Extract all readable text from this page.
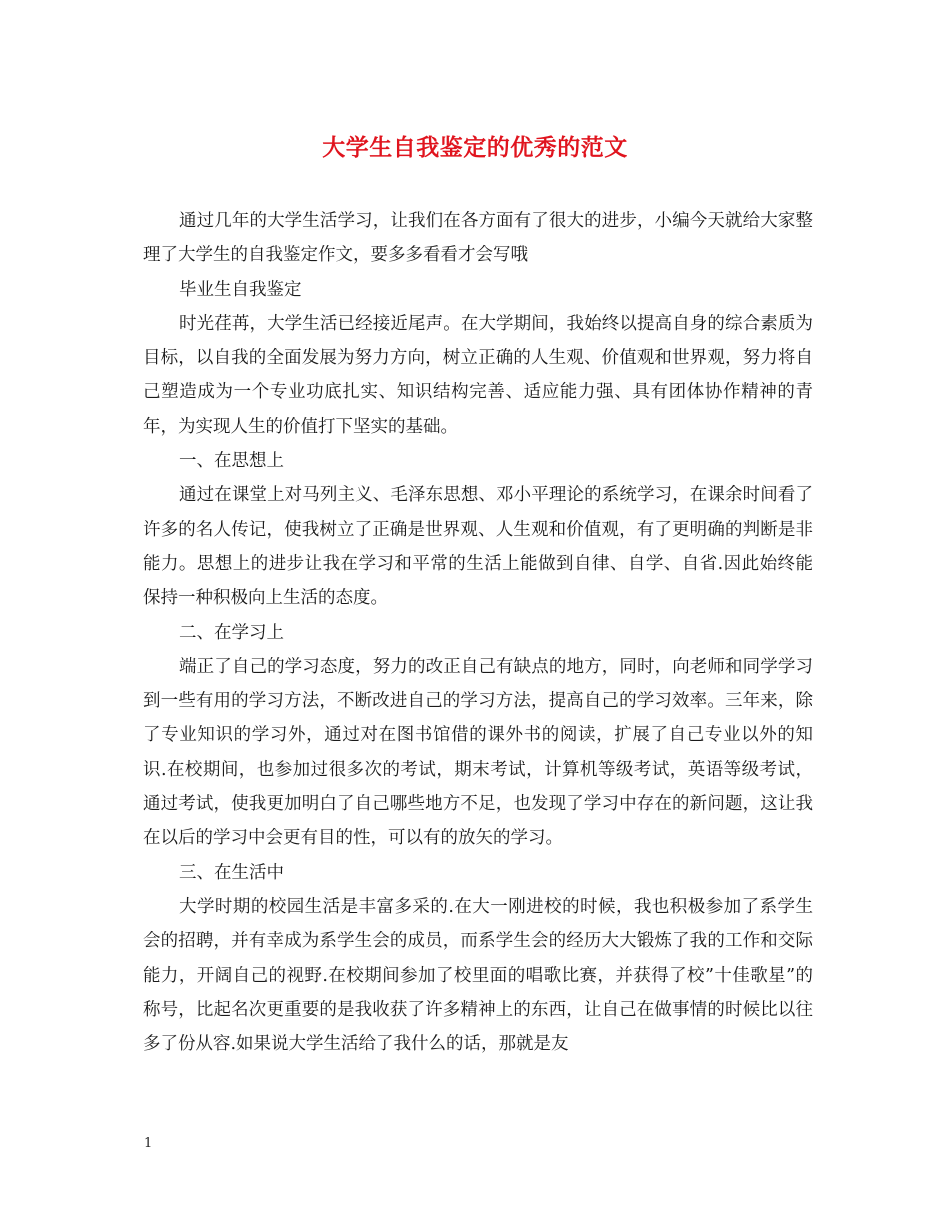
大学生自我鉴定的优秀的范文

通过几年的大学生活学习，让我们在各方面有了很大的进步，小编今天就给大家整理了大学生的自我鉴定作文，要多多看看才会写哦

毕业生自我鉴定

时光荏苒，大学生活已经接近尾声。在大学期间，我始终以提高自身的综合素质为目标，以自我的全面发展为努力方向，树立正确的人生观、价值观和世界观，努力将自己塑造成为一个专业功底扎实、知识结构完善、适应能力强、具有团体协作精神的青年，为实现人生的价值打下坚实的基础。

一、在思想上

通过在课堂上对马列主义、毛泽东思想、邓小平理论的系统学习，在课余时间看了许多的名人传记，使我树立了正确是世界观、人生观和价值观，有了更明确的判断是非能力。思想上的进步让我在学习和平常的生活上能做到自律、自学、自省.因此始终能保持一种积极向上生活的态度。

二、在学习上

端正了自己的学习态度，努力的改正自己有缺点的地方，同时，向老师和同学学习到一些有用的学习方法，不断改进自己的学习方法，提高自己的学习效率。三年来，除了专业知识的学习外，通过对在图书馆借的课外书的阅读，扩展了自己专业以外的知识.在校期间，也参加过很多次的考试，期末考试，计算机等级考试，英语等级考试，通过考试，使我更加明白了自己哪些地方不足，也发现了学习中存在的新问题，这让我在以后的学习中会更有目的性，可以有的放矢的学习。

三、在生活中

大学时期的校园生活是丰富多采的.在大一刚进校的时候，我也积极参加了系学生会的招聘，并有幸成为系学生会的成员，而系学生会的经历大大锻炼了我的工作和交际能力，开阔自己的视野.在校期间参加了校里面的唱歌比赛，并获得了校”十佳歌星”的称号，比起名次更重要的是我收获了许多精神上的东西，让自己在做事情的时候比以往多了份从容.如果说大学生活给了我什么的话，那就是友

1
